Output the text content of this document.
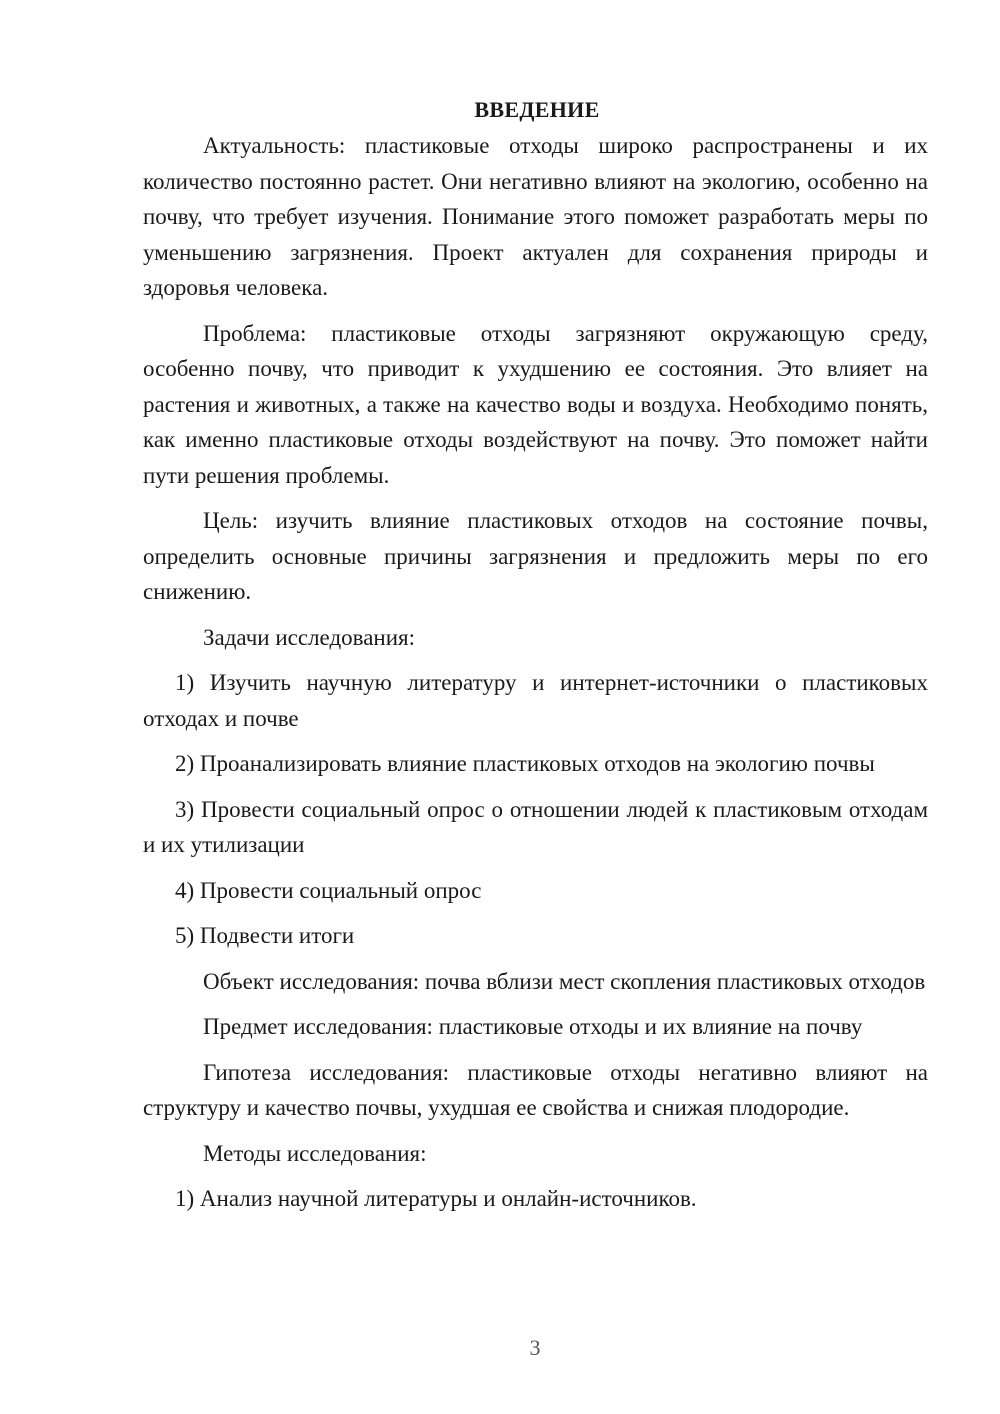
ВВЕДЕНИЕ

Актуальность: пластиковые отходы широко распространены и их количество постоянно растет. Они негативно влияют на экологию, особенно на почву, что требует изучения. Понимание этого поможет разработать меры по уменьшению загрязнения. Проект актуален для сохранения природы и здоровья человека.

Проблема: пластиковые отходы загрязняют окружающую среду, особенно почву, что приводит к ухудшению ее состояния. Это влияет на растения и животных, а также на качество воды и воздуха. Необходимо понять, как именно пластиковые отходы воздействуют на почву. Это поможет найти пути решения проблемы.

Цель: изучить влияние пластиковых отходов на состояние почвы, определить основные причины загрязнения и предложить меры по его снижению.

Задачи исследования:

1) Изучить научную литературу и интернет-источники о пластиковых отходах и почве

2) Проанализировать влияние пластиковых отходов на экологию почвы

3) Провести социальный опрос о отношении людей к пластиковым отходам и их утилизации

4) Провести социальный опрос

5) Подвести итоги

Объект исследования: почва вблизи мест скопления пластиковых отходов

Предмет исследования: пластиковые отходы и их влияние на почву

Гипотеза исследования: пластиковые отходы негативно влияют на структуру и качество почвы, ухудшая ее свойства и снижая плодородие.

Методы исследования:

1) Анализ научной литературы и онлайн-источников.

3
